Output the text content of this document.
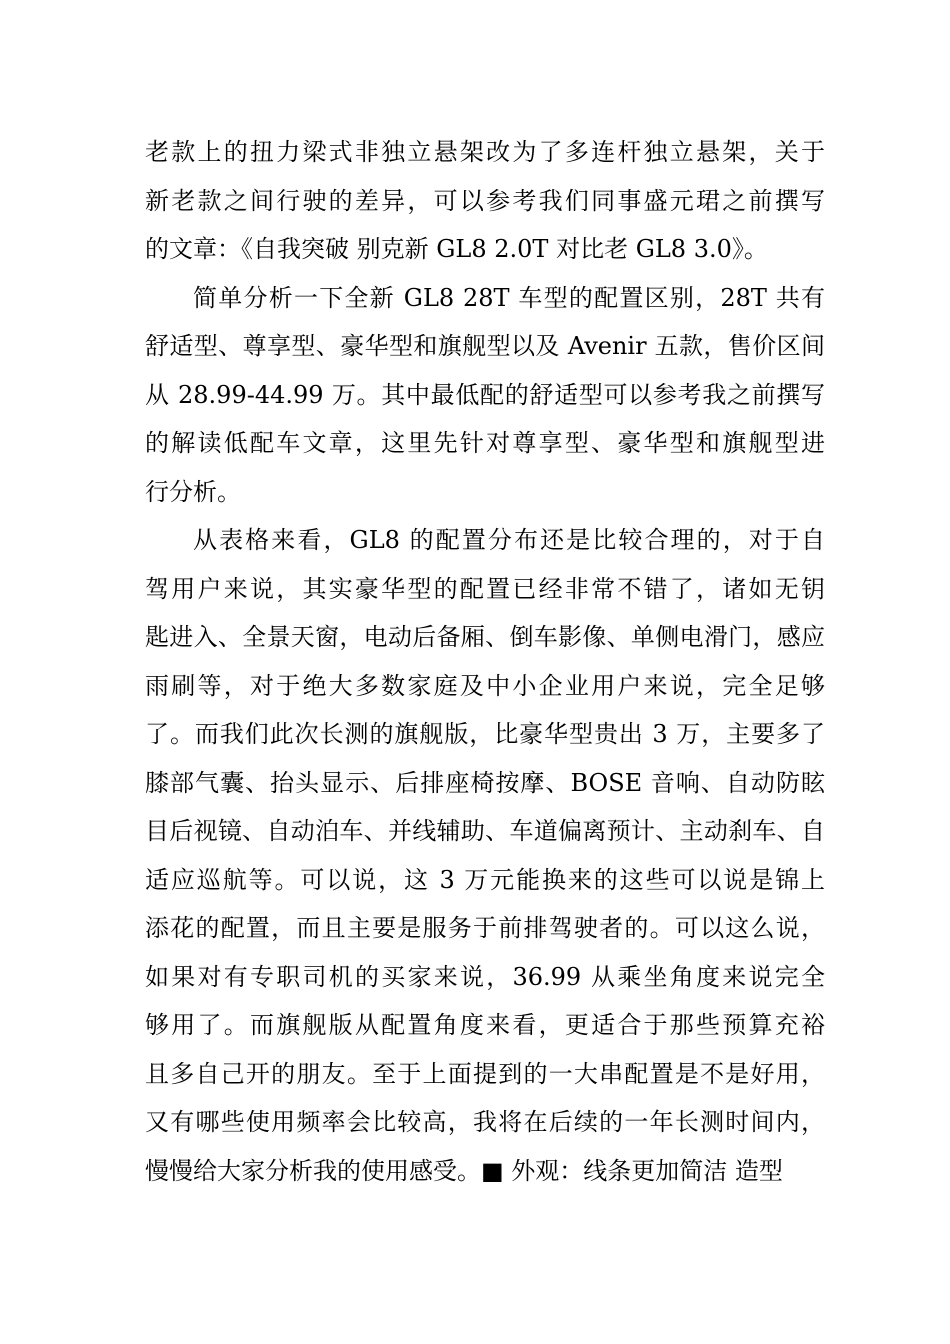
老款上的扭力梁式非独立悬架改为了多连杆独立悬架，关于
新老款之间行驶的差异，可以参考我们同事盛元珺之前撰写
的文章：《自我突破 别克新 GL8 2.0T 对比老 GL8 3.0》。
简单分析一下全新 GL8 28T 车型的配置区别，28T 共有
舒适型、尊享型、豪华型和旗舰型以及 Avenir 五款，售价区间
从 28.99-44.99 万。其中最低配的舒适型可以参考我之前撰写
的解读低配车文章，这里先针对尊享型、豪华型和旗舰型进
行分析。
从表格来看，GL8 的配置分布还是比较合理的，对于自
驾用户来说，其实豪华型的配置已经非常不错了，诸如无钥
匙进入、全景天窗，电动后备厢、倒车影像、单侧电滑门，感应
雨刷等，对于绝大多数家庭及中小企业用户来说，完全足够
了。而我们此次长测的旗舰版，比豪华型贵出 3 万，主要多了
膝部气囊、抬头显示、后排座椅按摩、BOSE 音响、自动防眩
目后视镜、自动泊车、并线辅助、车道偏离预计、主动刹车、自
适应巡航等。可以说，这 3 万元能换来的这些可以说是锦上
添花的配置，而且主要是服务于前排驾驶者的。可以这么说，
如果对有专职司机的买家来说，36.99 从乘坐角度来说完全
够用了。而旗舰版从配置角度来看，更适合于那些预算充裕
且多自己开的朋友。至于上面提到的一大串配置是不是好用，
又有哪些使用频率会比较高，我将在后续的一年长测时间内，
慢慢给大家分析我的使用感受。■ 外观：线条更加简洁 造型
